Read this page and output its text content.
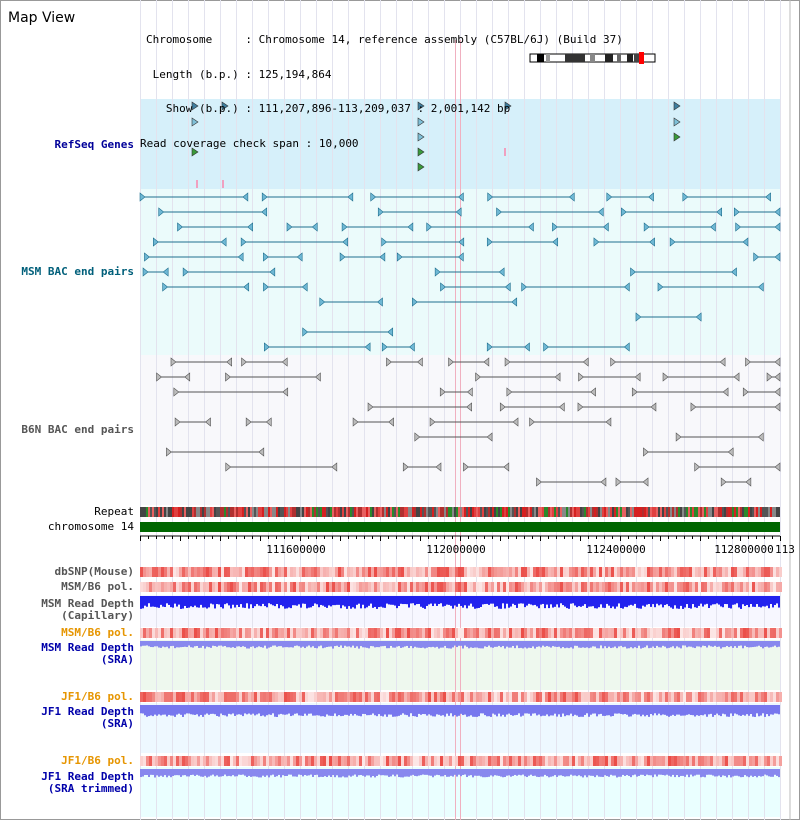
111600000	112000000	112400000	112800000 113
Map View

Chromosome	: Chromosome 14, reference assembly (C57BL/6J) (Build 37)

Length (b.p.) : 125,194,864

Show (b.p.) : 111,207,896-113,209,037 : 2,001,142 bp

Read coverage check span : 10,000

RefSeq Genes
MSM BAC end pairs
B6N BAC end pairs
Repeat
chromosome 14
dbSNP(Mouse)
MSM/B6 pol.
MSM Read Depth
(Capillary)
MSM/B6 pol.
MSM Read Depth
(SRA)
JF1/B6 pol.
JF1 Read Depth
(SRA)
JF1/B6 pol.
JF1 Read Depth
(SRA trimmed)
